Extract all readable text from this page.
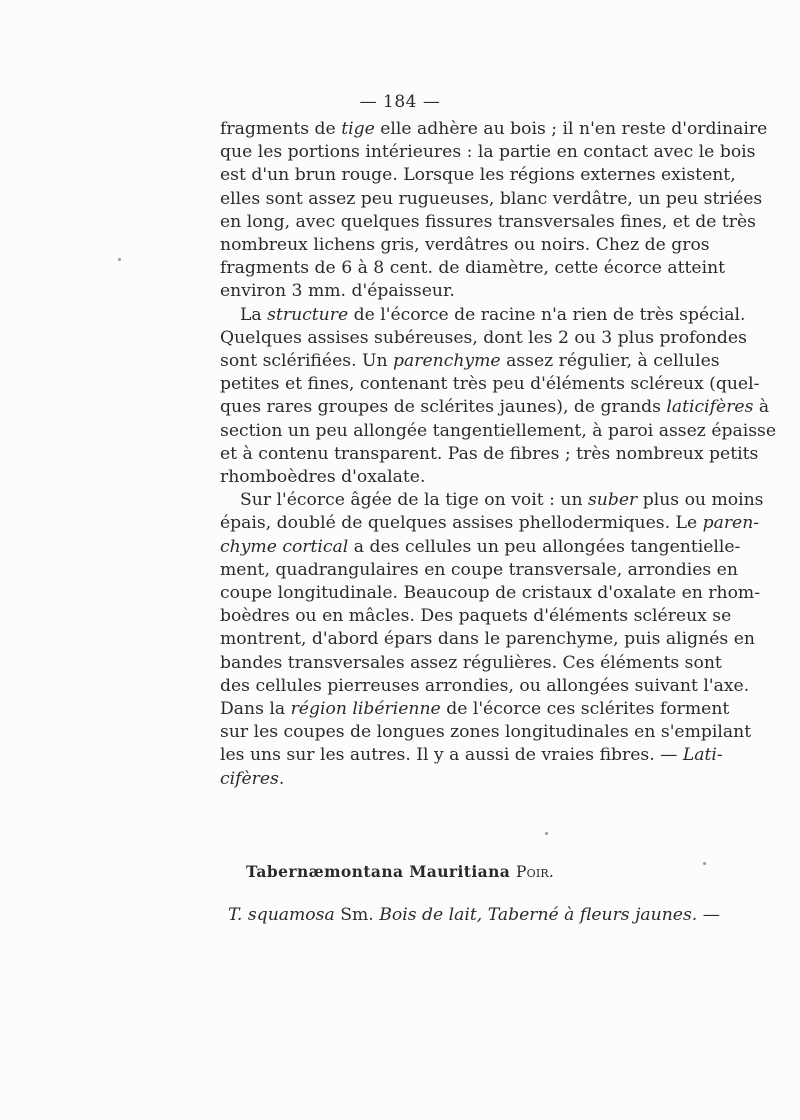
— 184 —
fragments de tige elle adhère au bois ; il n'en reste d'ordinaire
que les portions intérieures : la partie en contact avec le bois
est d'un brun rouge. Lorsque les régions externes existent,
elles sont assez peu rugueuses, blanc verdâtre, un peu striées
en long, avec quelques fissures transversales fines, et de très
nombreux lichens gris, verdâtres ou noirs. Chez de gros
fragments de 6 à 8 cent. de diamètre, cette écorce atteint
environ 3 mm. d'épaisseur.
La structure de l'écorce de racine n'a rien de très spécial.
Quelques assises subéreuses, dont les 2 ou 3 plus profondes
sont sclérifiées. Un parenchyme assez régulier, à cellules
petites et fines, contenant très peu d'éléments scléreux (quel-
ques rares groupes de sclérites jaunes), de grands laticifères à
section un peu allongée tangentiellement, à paroi assez épaisse
et à contenu transparent. Pas de fibres ; très nombreux petits
rhomboèdres d'oxalate.
Sur l'écorce âgée de la tige on voit : un suber plus ou moins
épais, doublé de quelques assises phellodermiques. Le paren-
chyme cortical a des cellules un peu allongées tangentielle-
ment, quadrangulaires en coupe transversale, arrondies en
coupe longitudinale. Beaucoup de cristaux d'oxalate en rhom-
boèdres ou en mâcles. Des paquets d'éléments scléreux se
montrent, d'abord épars dans le parenchyme, puis alignés en
bandes transversales assez régulières. Ces éléments sont
des cellules pierreuses arrondies, ou allongées suivant l'axe.
Dans la région libérienne de l'écorce ces sclérites forment
sur les coupes de longues zones longitudinales en s'empilant
les uns sur les autres. Il y a aussi de vraies fibres. — Lati-
cifères.
Tabernæmontana Mauritiana Poir.
T. squamosa Sm. Bois de lait, Taberné à fleurs jaunes. —
